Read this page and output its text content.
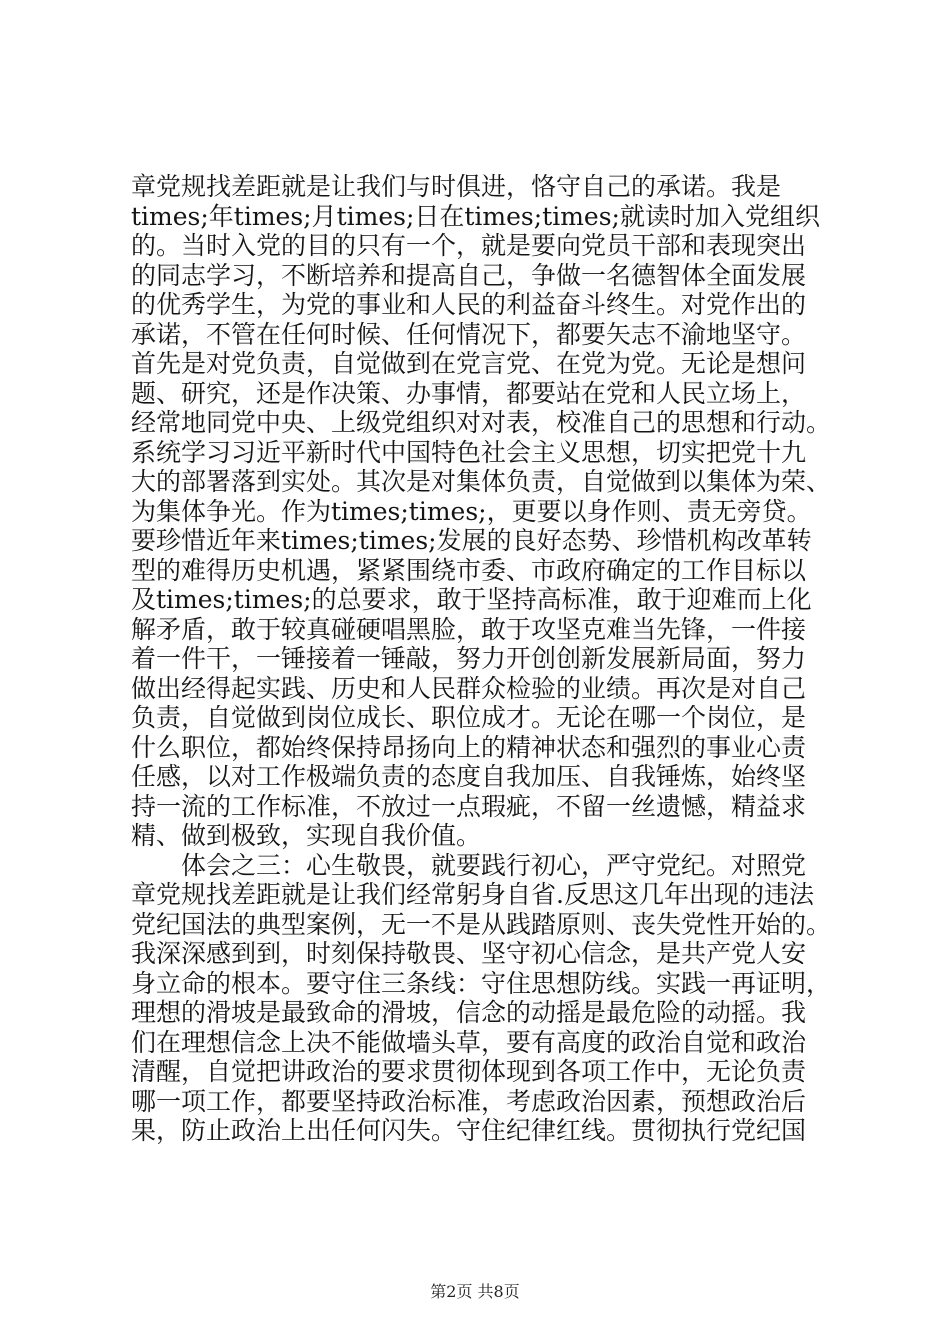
章党规找差距就是让我们与时俱进，恪守自己的承诺。我是
times;年times;月times;日在times;times;就读时加入党组织
的。当时入党的目的只有一个，就是要向党员干部和表现突出
的同志学习，不断培养和提高自己，争做一名德智体全面发展
的优秀学生，为党的事业和人民的利益奋斗终生。对党作出的
承诺，不管在任何时候、任何情况下，都要矢志不渝地坚守。
首先是对党负责，自觉做到在党言党、在党为党。无论是想问
题、研究，还是作决策、办事情，都要站在党和人民立场上，
经常地同党中央、上级党组织对对表，校准自己的思想和行动。
系统学习习近平新时代中国特色社会主义思想，切实把党十九
大的部署落到实处。其次是对集体负责，自觉做到以集体为荣、
为集体争光。作为times;times;，更要以身作则、责无旁贷。
要珍惜近年来times;times;发展的良好态势、珍惜机构改革转
型的难得历史机遇，紧紧围绕市委、市政府确定的工作目标以
及times;times;的总要求，敢于坚持高标准，敢于迎难而上化
解矛盾，敢于较真碰硬唱黑脸，敢于攻坚克难当先锋，一件接
着一件干，一锤接着一锤敲，努力开创创新发展新局面，努力
做出经得起实践、历史和人民群众检验的业绩。再次是对自己
负责，自觉做到岗位成长、职位成才。无论在哪一个岗位，是
什么职位，都始终保持昂扬向上的精神状态和强烈的事业心责
任感，以对工作极端负责的态度自我加压、自我锤炼，始终坚
持一流的工作标准，不放过一点瑕疵，不留一丝遗憾，精益求
精、做到极致，实现自我价值。
　　体会之三：心生敬畏，就要践行初心，严守党纪。对照党
章党规找差距就是让我们经常躬身自省.反思这几年出现的违法
党纪国法的典型案例，无一不是从践踏原则、丧失党性开始的。
我深深感到到，时刻保持敬畏、坚守初心信念，是共产党人安
身立命的根本。要守住三条线：守住思想防线。实践一再证明，
理想的滑坡是最致命的滑坡，信念的动摇是最危险的动摇。我
们在理想信念上决不能做墙头草，要有高度的政治自觉和政治
清醒，自觉把讲政治的要求贯彻体现到各项工作中，无论负责
哪一项工作，都要坚持政治标准，考虑政治因素，预想政治后
果，防止政治上出任何闪失。守住纪律红线。贯彻执行党纪国
第2页 共8页
